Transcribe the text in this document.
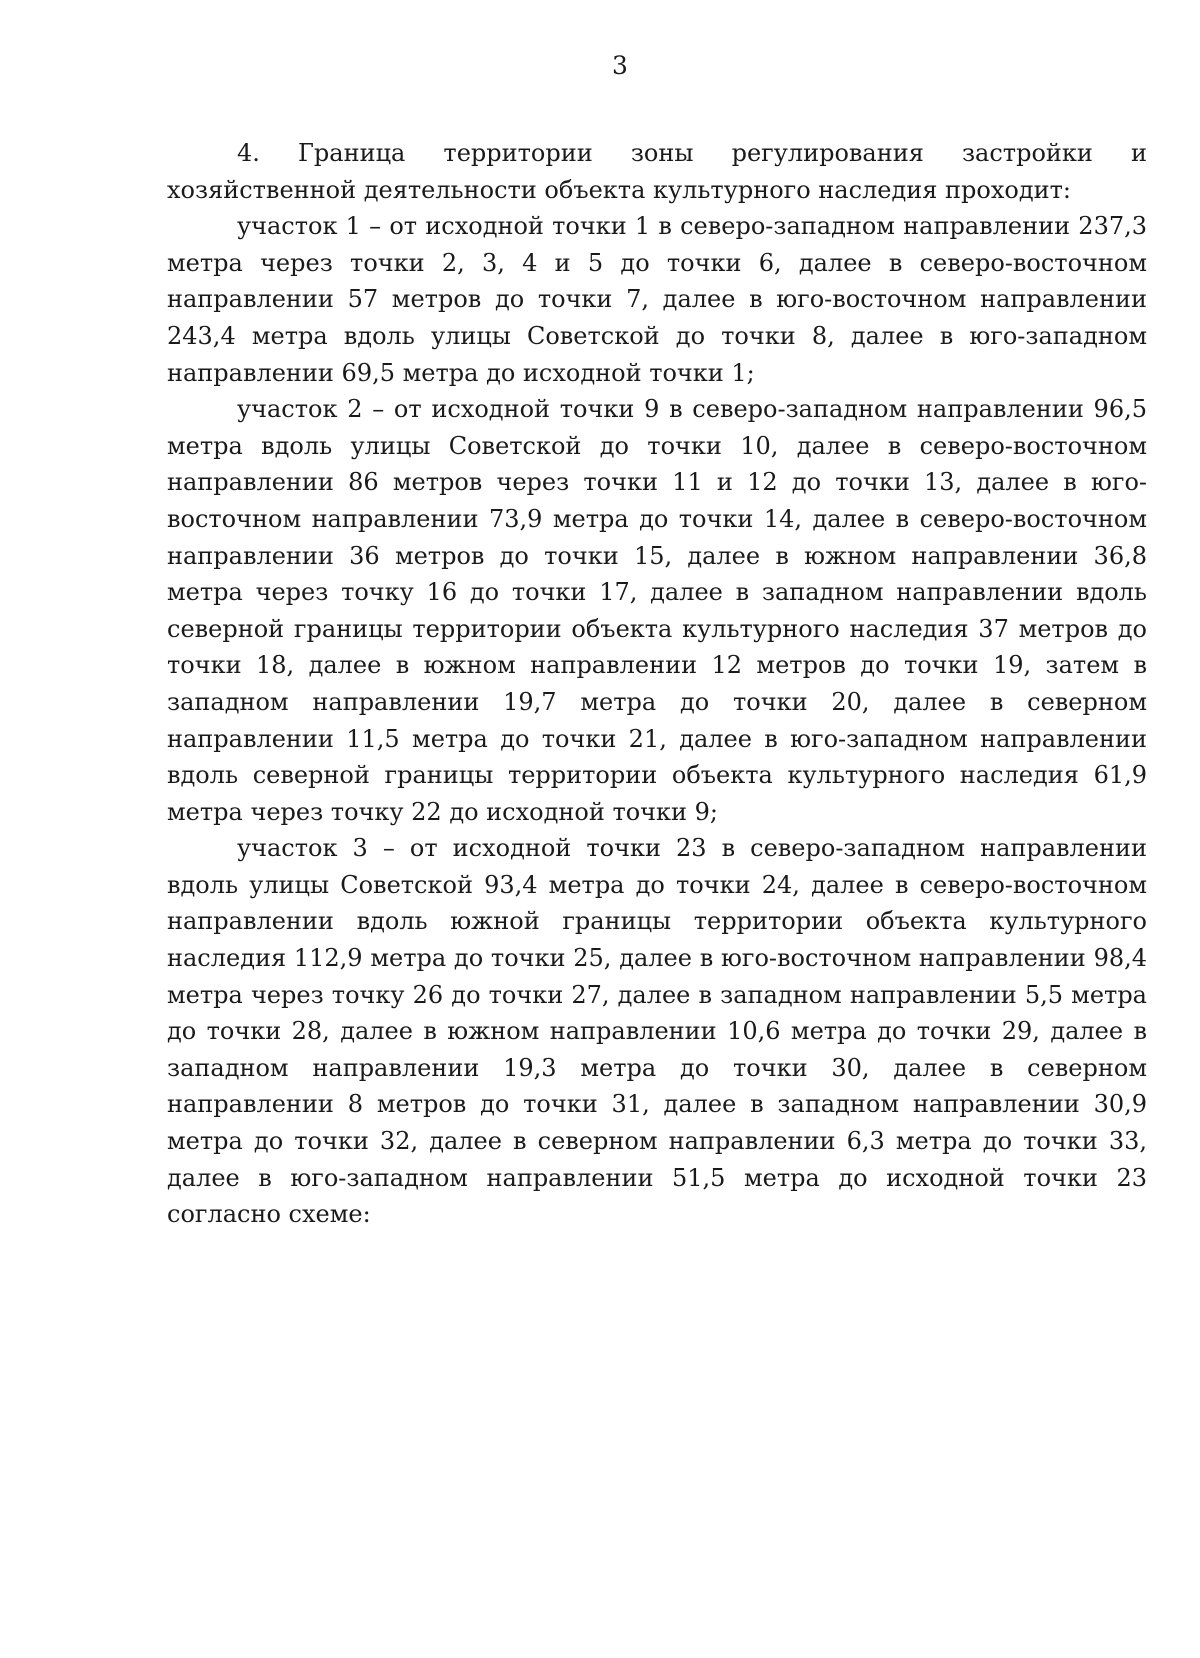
3

4. Граница территории зоны регулирования застройки и хозяйственной деятельности объекта культурного наследия проходит:

участок 1 – от исходной точки 1 в северо-западном направлении 237,3 метра через точки 2, 3, 4 и 5 до точки 6, далее в северо-восточном направлении 57 метров до точки 7, далее в юго-восточном направлении 243,4 метра вдоль улицы Советской до точки 8, далее в юго-западном направлении 69,5 метра до исходной точки 1;

участок 2 – от исходной точки 9 в северо-западном направлении 96,5 метра вдоль улицы Советской до точки 10, далее в северо-восточном направлении 86 метров через точки 11 и 12 до точки 13, далее в юго-восточном направлении 73,9 метра до точки 14, далее в северо-восточном направлении 36 метров до точки 15, далее в южном направлении 36,8 метра через точку 16 до точки 17, далее в западном направлении вдоль северной границы территории объекта культурного наследия 37 метров до точки 18, далее в южном направлении 12 метров до точки 19, затем в западном направлении 19,7 метра до точки 20, далее в северном направлении 11,5 метра до точки 21, далее в юго-западном направлении вдоль северной границы территории объекта культурного наследия 61,9 метра через точку 22 до исходной точки 9;

участок 3 – от исходной точки 23 в северо-западном направлении вдоль улицы Советской 93,4 метра до точки 24, далее в северо-восточном направлении вдоль южной границы территории объекта культурного наследия 112,9 метра до точки 25, далее в юго-восточном направлении 98,4 метра через точку 26 до точки 27, далее в западном направлении 5,5 метра до точки 28, далее в южном направлении 10,6 метра до точки 29, далее в западном направлении 19,3 метра до точки 30, далее в северном направлении 8 метров до точки 31, далее в западном направлении 30,9 метра до точки 32, далее в северном направлении 6,3 метра до точки 33, далее в юго-западном направлении 51,5 метра до исходной точки 23 согласно схеме:
